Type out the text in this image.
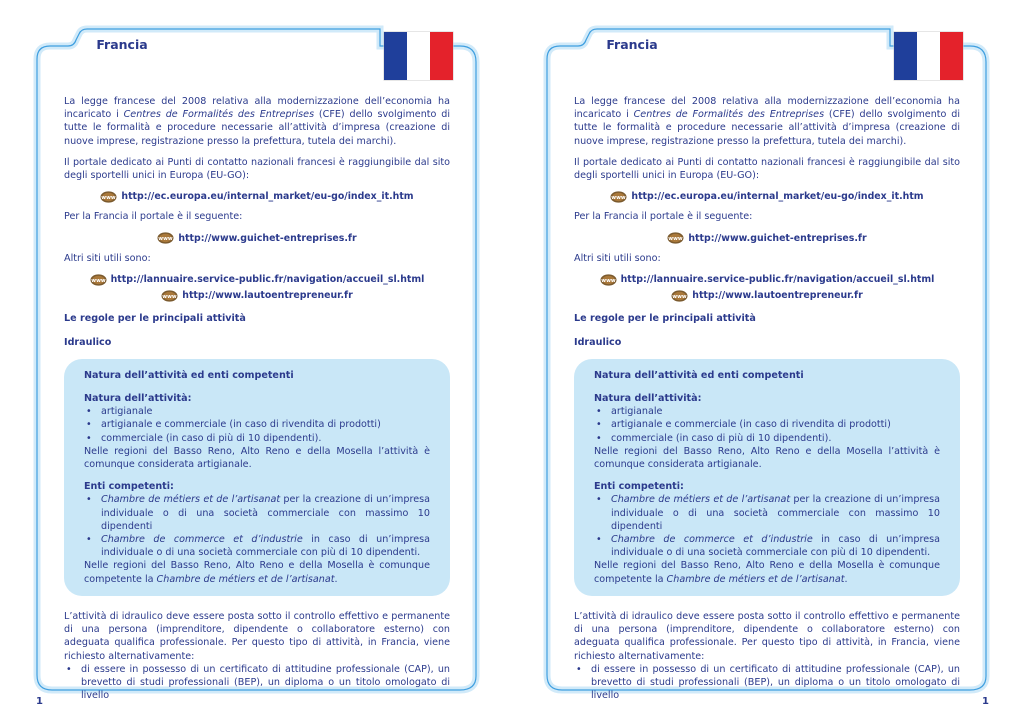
Francia

La legge francese del 2008 relativa alla modernizzazione dell’economia ha incaricato i Centres de Formalités des Entreprises (CFE) dello svolgimento di tutte le formalità e procedure necessarie all’attività d’impresa (creazione di nuove imprese, registrazione presso la prefettura, tutela dei marchi).

Il portale dedicato ai Punti di contatto nazionali francesi è raggiungibile dal sito degli sportelli unici in Europa (EU-GO):

www http://ec.europa.eu/internal_market/eu-go/index_it.htm

Per la Francia il portale è il seguente:

www http://www.guichet-entreprises.fr

Altri siti utili sono:

www http://lannuaire.service-public.fr/navigation/accueil_sl.html
www http://www.lautoentrepreneur.fr
Le regole per le principali attività
Idraulico
Natura dell’attività ed enti competenti
Natura dell’attività:
• artigianale
• artigianale e commerciale (in caso di rivendita di prodotti)
• commerciale (in caso di più di 10 dipendenti).

Nelle regioni del Basso Reno, Alto Reno e della Mosella l’attività è comunque considerata artigianale.

Enti competenti:
• Chambre de métiers et de l’artisanat per la creazione di un’impresa individuale o di una società commerciale con massimo 10 dipendenti
• Chambre de commerce et d’industrie in caso di un’impresa individuale o di una società commerciale con più di 10 dipendenti.

Nelle regioni del Basso Reno, Alto Reno e della Mosella è comunque competente la Chambre de métiers et de l’artisanat.

L’attività di idraulico deve essere posta sotto il controllo effettivo e permanente di una persona (imprenditore, dipendente o collaboratore esterno) con adeguata qualifica professionale. Per questo tipo di attività, in Francia, viene richiesto alternativamente:

• di essere in possesso di un certificato di attitudine professionale (CAP), un brevetto di studi professionali (BEP), un diploma o un titolo omologato di livello
1
Francia

La legge francese del 2008 relativa alla modernizzazione dell’economia ha incaricato i Centres de Formalités des Entreprises (CFE) dello svolgimento di tutte le formalità e procedure necessarie all’attività d’impresa (creazione di nuove imprese, registrazione presso la prefettura, tutela dei marchi).

Il portale dedicato ai Punti di contatto nazionali francesi è raggiungibile dal sito degli sportelli unici in Europa (EU-GO):

www http://ec.europa.eu/internal_market/eu-go/index_it.htm

Per la Francia il portale è il seguente:

www http://www.guichet-entreprises.fr

Altri siti utili sono:

www http://lannuaire.service-public.fr/navigation/accueil_sl.html
www http://www.lautoentrepreneur.fr
Le regole per le principali attività
Idraulico
Natura dell’attività ed enti competenti
Natura dell’attività:
• artigianale
• artigianale e commerciale (in caso di rivendita di prodotti)
• commerciale (in caso di più di 10 dipendenti).

Nelle regioni del Basso Reno, Alto Reno e della Mosella l’attività è comunque considerata artigianale.

Enti competenti:
• Chambre de métiers et de l’artisanat per la creazione di un’impresa individuale o di una società commerciale con massimo 10 dipendenti
• Chambre de commerce et d’industrie in caso di un’impresa individuale o di una società commerciale con più di 10 dipendenti.

Nelle regioni del Basso Reno, Alto Reno e della Mosella è comunque competente la Chambre de métiers et de l’artisanat.

L’attività di idraulico deve essere posta sotto il controllo effettivo e permanente di una persona (imprenditore, dipendente o collaboratore esterno) con adeguata qualifica professionale. Per questo tipo di attività, in Francia, viene richiesto alternativamente:

• di essere in possesso di un certificato di attitudine professionale (CAP), un brevetto di studi professionali (BEP), un diploma o un titolo omologato di livello
1
